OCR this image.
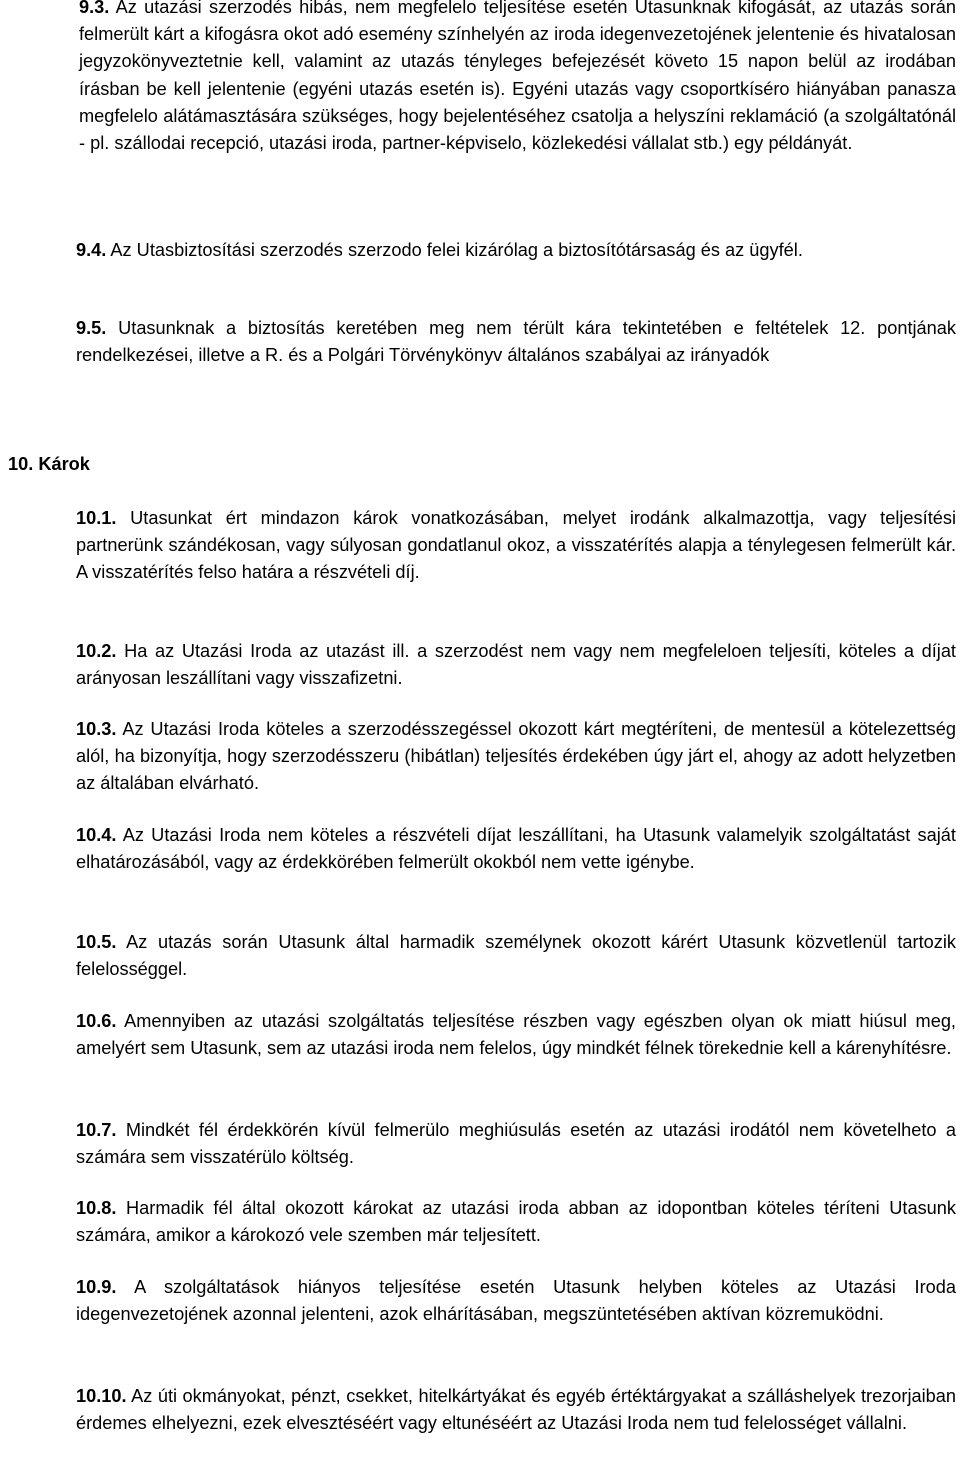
9.3. Az utazási szerzodés hibás, nem megfelelo teljesítése esetén Utasunknak kifogását, az utazás során felmerült kárt a kifogásra okot adó esemény színhelyén az iroda idegenvezetojének jelentenie és hivatalosan jegyzokönyveztetnie kell, valamint az utazás tényleges befejezését követo 15 napon belül az irodában írásban be kell jelentenie (egyéni utazás esetén is). Egyéni utazás vagy csoportkíséro hiányában panasza megfelelo alátámasztására szükséges, hogy bejelentéséhez csatolja a helyszíni reklamáció (a szolgáltatónál - pl. szállodai recepció, utazási iroda, partner-képviselo, közlekedési vállalat stb.) egy példányát.

9.4. Az Utasbiztosítási szerzodés szerzodo felei kizárólag a biztosítótársaság és az ügyfél.

9.5. Utasunknak a biztosítás keretében meg nem térült kára tekintetében e feltételek 12. pontjának rendelkezései, illetve a R. és a Polgári Törvénykönyv általános szabályai az irányadók

10. Károk

10.1. Utasunkat ért mindazon károk vonatkozásában, melyet irodánk alkalmazottja, vagy teljesítési partnerünk szándékosan, vagy súlyosan gondatlanul okoz, a visszatérítés alapja a ténylegesen felmerült kár. A visszatérítés felso határa a részvételi díj.

10.2. Ha az Utazási Iroda az utazást ill. a szerzodést nem vagy nem megfeleloen teljesíti, köteles a díjat arányosan leszállítani vagy visszafizetni.

10.3. Az Utazási Iroda köteles a szerzodésszegéssel okozott kárt megtéríteni, de mentesül a kötelezettség alól, ha bizonyítja, hogy szerzodésszeru (hibátlan) teljesítés érdekében úgy járt el, ahogy az adott helyzetben az általában elvárható.

10.4. Az Utazási Iroda nem köteles a részvételi díjat leszállítani, ha Utasunk valamelyik szolgáltatást saját elhatározásából, vagy az érdekkörében felmerült okokból nem vette igénybe.

10.5. Az utazás során Utasunk által harmadik személynek okozott kárért Utasunk közvetlenül tartozik felelosséggel.

10.6. Amennyiben az utazási szolgáltatás teljesítése részben vagy egészben olyan ok miatt hiúsul meg, amelyért sem Utasunk, sem az utazási iroda nem felelos, úgy mindkét félnek törekednie kell a kárenyhítésre.

10.7. Mindkét fél érdekkörén kívül felmerülo meghiúsulás esetén az utazási irodától nem követelheto a számára sem visszatérülo költség.

10.8. Harmadik fél által okozott károkat az utazási iroda abban az idopontban köteles téríteni Utasunk számára, amikor a károkozó vele szemben már teljesített.

10.9. A szolgáltatások hiányos teljesítése esetén Utasunk helyben köteles az Utazási Iroda idegenvezetojének azonnal jelenteni, azok elhárításában, megszüntetésében aktívan közremuködni.

10.10. Az úti okmányokat, pénzt, csekket, hitelkártyákat és egyéb értéktárgyakat a szálláshelyek trezorjaiban érdemes elhelyezni, ezek elvesztéséért vagy eltunéséért az Utazási Iroda nem tud felelosséget vállalni.
